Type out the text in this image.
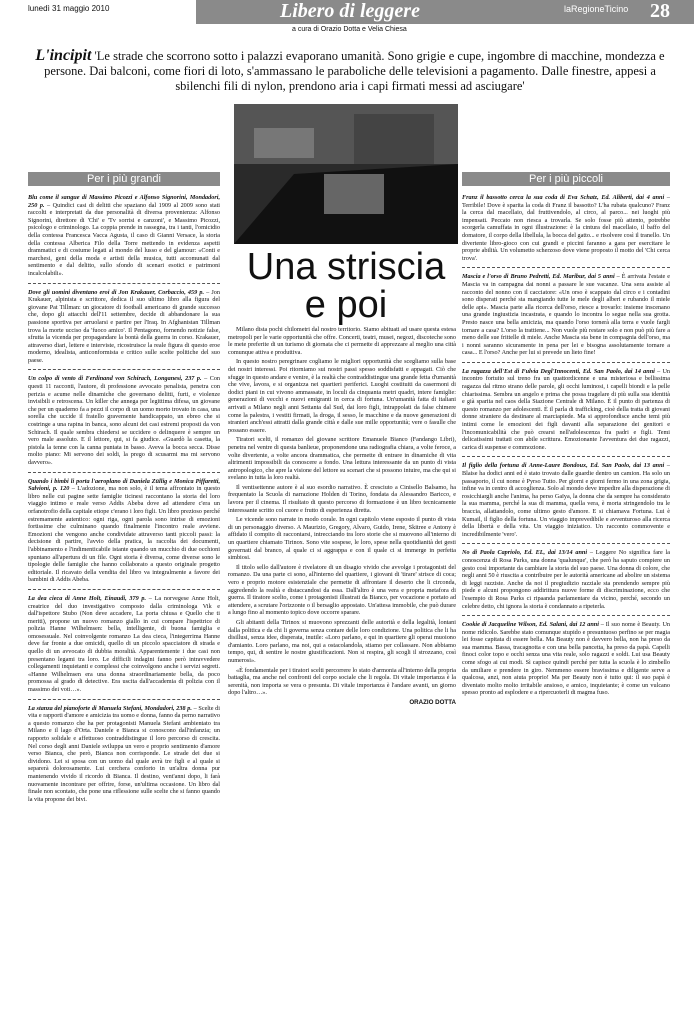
lunedì 31 maggio 2010	Libero di leggere	laRegioneTicino 28
a cura di Orazio Dotta e Velia Chiesa
L'incipit 'Le strade che scorrono sotto i palazzi evaporano umanità. Sono grigie e cupe, ingombre di macchine, mondezza e persone. Dai balconi, come fiori di loto, s'ammassano le paraboliche delle televisioni a pagamento. Dalle finestre, appesi a sbilenchi fili di nylon, prendono aria i capi firmati messi ad asciugare'
Per i più grandi

Blu come il sangue di Massimo Picozzi e Alfonso Signorini, Mondadori, 250 p. – Quindici casi di delitti che spaziano dal 1909 al 2009 sono stati raccolti e interpretati da due personalità di diversa provenienza: Alfonso Signorini, direttore di 'Chi' e 'Tv sorrisi e canzoni', e Massimo Picozzi, psicologo e criminologo. La coppia prende in rassegna, tra i tanti, l'omicidio della contessa Francesca Vacca Agusta, il caso di Gianni Versace, la storia della contessa Alberica Filo della Torre mettendo in evidenza aspetti drammatici e di costume legati al mondo del lusso e del glamour: «Conti e marchesi, geni della moda e artisti della musica, tutti accomunati dal sentimento e dal delitto, sullo sfondo di scenari esotici e patrimoni incalcolabili».

Dove gli uomini diventano eroi di Jon Krakauer, Corbaccio, 459 p. – Jon Krakauer, alpinista e scrittore, dedica il suo ultimo libro alla figura del giovane Pat Tillman: un giocatore di football americano di grande successo che, dopo gli attacchi dell'11 settembre, decide di abbandonare la sua passione sportiva per arruolarsi e partire per l'Iraq. In Afghanistan Tillman trova la morte ucciso da 'fuoco amico'. Il Pentagono, fornendo notizie false, sfrutta la vicenda per propagandare la bontà della guerra in corso. Krakauer, attraverso diari, lettere e interviste, ricostruisce la reale figura di questo eroe moderno, idealista, anticonformista e critico sulle scelte politiche del suo paese.

Un colpo di vento di Ferdinand von Schirach, Longanesi, 237 p. – Con questi 11 racconti, l'autore, di professione avvocato penalista, penetra con perizia e acume nelle dinamiche che governano delitti, furti, e violenze invisibili e retroscena. Un killer che annega per legittima difesa, un giovane che per un quaderno fa a pezzi il corpo di un uomo morto trovato in casa, una sorella che uccide il fratello gravemente handicappato, un ebreo che si costringe a una rapina in banca, sono alcuni dei casi estremi proposti da von Schirach. Il quale sembra chiedersi se uccidere o delinquere è sempre un vero male assoluto. E il lettore, qui, si fa giudice. «Guardò la casetta, la pistola la tenne con la canna puntata in basso. Aveva la bocca secca. Disse molto piano: Mi servono dei soldi, la prego di scusarmi ma mi servono davvero».

Quando i bimbi li porta l'aeroplano di Daniela Züllig e Monica Piffaretti, Salvioni, p. 120 – L'adozione, ma non solo, è il tema affrontato in questo libro nelle cui pagine sette famiglie ticinesi raccontano la storia del loro viaggio intimo e reale verso Addis Abeba dove ad attendere c'era un orfanotrofio della capitale etiope c'erano i loro figli. Un libro prezioso perché estremamente autentico: ogni riga, ogni parola sono intrise di emozioni fortissime che culminano quando finalmente l'incontro reale avviene. Emozioni che vengono anche condividate attraverso tanti piccoli passi: la decisione di partire, l'avvio della pratica, la raccolta dei documenti, l'abbinamento e l'indimenticabile istante quando un mucchio di due occhioni spuntano all'apertura di un file. Ogni storia è diversa, come diverse sono le tipologie delle famiglie che hanno collaborato a questo originale progetto editoriale. Il ricavato della vendita del libro va integralmente a favore dei bambini di Addis Abeba.

La dea cieca di Anne Holt, Einaudi, 379 p. – La norvegese Anne Holt, creatrice del duo investigativo composto dalla criminologa Vik e dall'ispettore Stubo (Non deve accadere, La porta chiusa e Quello che ti meriti), propone un nuovo romanzo giallo in cui compare l'ispettrice di polizia Hanne Wilhelmsen: bella, intelligente, di buona famiglia e omosessuale. Nel coinvolgente romanzo La dea cieca, l'integerrima Hanne deve far fronte a due omicidi, quello di un piccolo spacciatore di strada e quello di un avvocato di dubbia moralità. Apparentemente i due casi non presentano legami tra loro. Le difficili indagini fanno però intravvedere collegamenti inquietanti e complessi che coinvolgono anche i servizi segreti. «Hanne Wilhelmsen era una donna straordinariamente bella, da poco promossa al grado di detective. Era uscita dall'accademia di polizia con il massimo dei voti…».

La stanza del pianoforte di Manuela Stefani, Mondadori, 238 p. – Scelte di vita e rapporti d'amore e amicizia tra uomo e donna, fanno da perno narrativo a questo romanzo che ha per protagonisti Manuela Stefani ambientato tra Milano e il lago d'Orta. Daniele e Bianca si conoscono dall'infanzia; un rapporto solidale e affettuoso contraddistingue il loro percorso di crescita. Nel corso degli anni Daniele sviluppa un vero e proprio sentimento d'amore verso Bianca, che però, Bianca non corrisponde. Le strade dei due si dividono. Lei si sposa con un uomo dal quale avrà tre figli e al quale si separerà dolorosamente. Lui cerchera conforto in un'altra donna pur mantenendo vivido il ricordo di Bianca. Il destino, vent'anni dopo, li farà nuovamente incontrare per offrire, forse, un'ultima occasione. Un libro dal finale non scontato, che pone una riflessione sulle scelte che si fanno quando la vita propone dei bivi.

Una striscia e poi

Milano dista pochi chilometri dal nostro territorio. Siamo abituati ad usare questa estesa metropoli per le varie opportunità che offre. Concerti, teatri, musei, negozi, discoteche sono le mete preferite di un turismo di giornata che ci permette di apprezzare al meglio una città comunque attiva e produttiva.

In questo nostro peregrinare cogliamo le migliori opportunità che scegliamo sulla base dei nostri interessi. Poi ritorniamo sui nostri passi spesso soddisfatti e appagati. Ciò che sfugge in questo andare e venire, è la realtà che contraddistingue una grande fetta d'umanità che vive, lavora, e si organizza nei quartieri periferici. Luoghi costituiti da casermoni di dodici piani in cui vivono ammassate, in loculi da cinquanta metri quadri, intere famiglie: generazioni di vecchi e nuovi emigranti in cerca di fortuna. Un'umanità fatta di italiani arrivati a Milano negli anni Settanta dal Sud, dai loro figli, intrappolati da false chimere come la palestra, i vestiti firmati, la droga, il sesso, le macchine e da nuove generazioni di stranieri anch'essi attratti dalla grande città e dalle sue mille opportunità; vere o fasulle che possano essere.

Tiratori scelti, il romanzo del giovane scrittore Emanuele Bianco (Fandango Libri), penetra nel ventre di questa banlieue, proponendone una radiografia chiara, a volte feroce, a volte divertente, a volte ancora drammatica, che permette di entrare in dinamiche di vita altrimenti impossibili da conoscere a fondo. Una lettura interessante da un punto di vista antropologico, che apre la visione del lettore su scenari che si possono intuire, ma che qui si svelano in tutta la loro realtà.

Il ventisettenne autore è al suo esordio narrativo. È cresciuto a Cinisello Balsamo, ha frequentato la Scuola di narrazione Holden di Torino, fondata da Alessandro Baricco, e lavora per il cinema. Il risultato di questo percorso di formazione è un libro tecnicamente interessante scritto col cuore e frutto di esperienza diretta.

Le vicende sono narrate in modo corale. In ogni capitolo viene esposto il punto di vista di un personaggio diverso. A Maurizio, Gregory, Alvaro, Guido, Irene, Skitree e Antony è affidato il compito di raccontarsi, intrecciando tra loro storie che si muovono all'interno di un quartiere chiamato Tirinox. Sono vite sospese, le loro, spese nella quotidianità dei gesti governati dal branco, al quale ci si aggrappa e con il quale ci si immerge in perfetta simbiosi.

Il titolo sello dall'autore è rivelatore di un disagio vivido che avvolge i protagonisti del romanzo. Da una parte ci sono, all'interno del quartiere, i giovani di 'tirare' strisce di coca; vero e proprio motore esistenziale che permette di affrontare il deserto che li circonda, aggredendo la realtà e distaccandosi da essa. Dall'altro è una vera e propria metafora di guerra. Il tiratore scelto, come i protagonisti illustrati da Bianco, per vocazione e portato ad attendere, a scrutare l'orizzonte o il bersaglio appostato. Un'attesa immobile, che può durare a lungo fino al momento topico dove occorre sparare.

Gli abitanti della Tirinox si muovono sprezzanti delle autorità e della legalità, lontani dalla politica e da chi li governa senza contare delle loro condizione. Una politica che li ha disillusi, senza idee, disperata, inutile: «Loro parlano, e qui in quartiere gli operai muoiono d'amianto. Loro parlano, ma noi, qui a ostacolandola, stiamo per collassare. Non abbiamo tempo, qui, di sentire le nostre giustificazioni. Non si respira, gli scogli il strozzano, così numerosi».

«È fondamentale per i tiratori scelti percorrere lo stato d'armonia all'interno della propria battaglia, ma anche nel confronti del corpo sociale che li regola. Di vitale importanza è la serenità, non importa se vera o presunta. Di vitale importanza è l'andare avanti, un giorno dopo l'altro…».

ORAZIO DOTTA
Per i più piccoli

Franz il bassotto cerca la sua coda di Eva Schatz, Ed. Aliberti, dai 4 anni – Terribile! Dove è sparita la coda di Franz il bassotto? L'ha rubata qualcuno? Franz la cerca dal macellaio, dal fruttivendolo, al circo, al parco... nei luoghi più impensati. Peccato non riesca a trovarla. Se solo fosse più attento, potrebbe scorgerla camuffata in ogni illustrazione: è la cintura del macellaio, il baffo del domatore, il corpo della libellula, la bocca del gatto... e risolvere così il tranello. Un divertente libro-gioco con cui grandi e piccini faranno a gara per esercitare le proprie abilità. Un volumetto scherzoso dove viene proposto il motto del 'Chi cerca trova'.

Mascia e l'orso di Bruno Pedretti, Ed. Maribur, dai 5 anni – È arrivata l'estate e Mascia va in campagna dai nonni a passare le sue vacanze. Una sera assiste al racconto del nonno con il cacciatore: «Un orso è scappato dal circo e i contadini sono disperati perché sta mangiando tutte le mele degli alberi e rubando il miele delle api». Mascia parte alla ricerca dell'orso, riesce a trovarlo: insieme inscenano una grande ingiustizia incastrata, e quando lo incontra lo segue nella sua grotta. Presto nasce una bella amicizia, ma quando l'orso tornerà alla terra e vuole fargli tornare a casa? L'orso la trattiene... Non vuole più restare solo e non può più fare a meno delle sue frittelle di miele. Anche Mascia sta bene in compagnia dell'orso, ma i nonni saranno sicuramente in pena per lei e bisogna assolutamente tornare a casa... E l'orso? Anche per lui si prevede un lieto fine!

La ragazza dell'Est di Fulvia Degl'Innocenti, Ed. San Paolo, dai 14 anni – Un incontro fortuito sul treno fra un quattordicenne e una misteriosa e bellissima ragazza dal ritmo strano delle parole, gli occhi luminosi, i capelli biondi e la pelle chiarissima. Sembra un angelo e prima che possa tragelare di più sulla sua identità e già sparita nel caos della Stazione Centrale di Milano. È il punto di partenza di questo romanzo per adolescenti. È il parla di trafficking, cioè della tratta di giovani donne straniere da destinare al marciapiede. Ma si approfondisce anche temi più intimi come le emozioni dei figli davanti alla separazione dei genitori e l'incomunicabilità che può crearsi nell'adolescenza fra padri e figli. Temi delicatissimi trattati con abile scrittura. Emozionante l'avventura dei due ragazzi, carica di suspense e commozione.

Il figlio della fortuna di Anne-Laure Bondoux, Ed. San Paolo, dai 13 anni – Blaise ha dodici anni ed è stato trovato dalle guardie dentro un camion. Ha solo un passaporto, il cui nome è Pyrso Tutto. Per giorni e giorni fermo in una zona grigia, infine va in centro di accoglienza. Solo al mondo deve impedire alla disperazione di rosicchiargli anche l'anima, ha perso Gaïya, la donna che da sempre ha considerato la sua mamma, perché la sua di mamma, quella vera, è morta stringendolo tra le braccia, allattandolo, come ultimo gesto d'amore. E si chiamava Fortuna. Lui è Kumail, il figlio della fortuna. Un viaggio imprevedibile e avventuroso alla ricerca della libertà e della vita. Un viaggio iniziatico. Un racconto commovente e incredibilmente 'vero'.

No di Paola Capriolo, Ed. EL, dai 13/14 anni – Leggere No significa fare la conoscenza di Rosa Parks, una donna 'qualunque', che però ha saputo compiere un gesto così importante da cambiare la storia del suo paese. Una donna di colore, che negli anni 50 è riuscita a contribuire per le autorità americane ad abolire un sistema di leggi razziste. Anche da noi il pregiudizio razziale sta prendendo sempre più piede e alcuni propongono addirittura nuove forme di discriminazione, ecco che l'esempio di Rosa Parks ci ripaanda parlamentare da vicino, perché, secondo un celebre detto, chi ignora la storia è condannato a ripeterla.

Cookie di Jacqueline Wilson, Ed. Salani, dai 12 anni – Il suo nome è Beauty. Un nome ridicolo. Sarebbe stato comunque stupido e presuntuoso perfino se per magia lei fosse capitata di essere bella. Ma Beauty non è davvero bella, non ha preso da sua mamma. Bassa, tracagnotta e con una bella pancetta, ha preso da papà. Capelli finoci color topo e occhi senza una vita reale, solo ragazzi e soldi. Lui usa Beauty come sfogo ai cui modi. Sì capisce quindi perché per tutta la scuola è lo zimbello da umiliare e prendere in giro. Nemmeno essere bravissima e diligente serve a qualcosa, anzi, non aiuta proprio! Ma per Beauty non è tutto qui: il suo papà è diventato molto molto irritabile ansioso, e amico, inquietante; è come un vulcano spesso pronto ad esplodere e a ripercuoterli di magma fuso.
